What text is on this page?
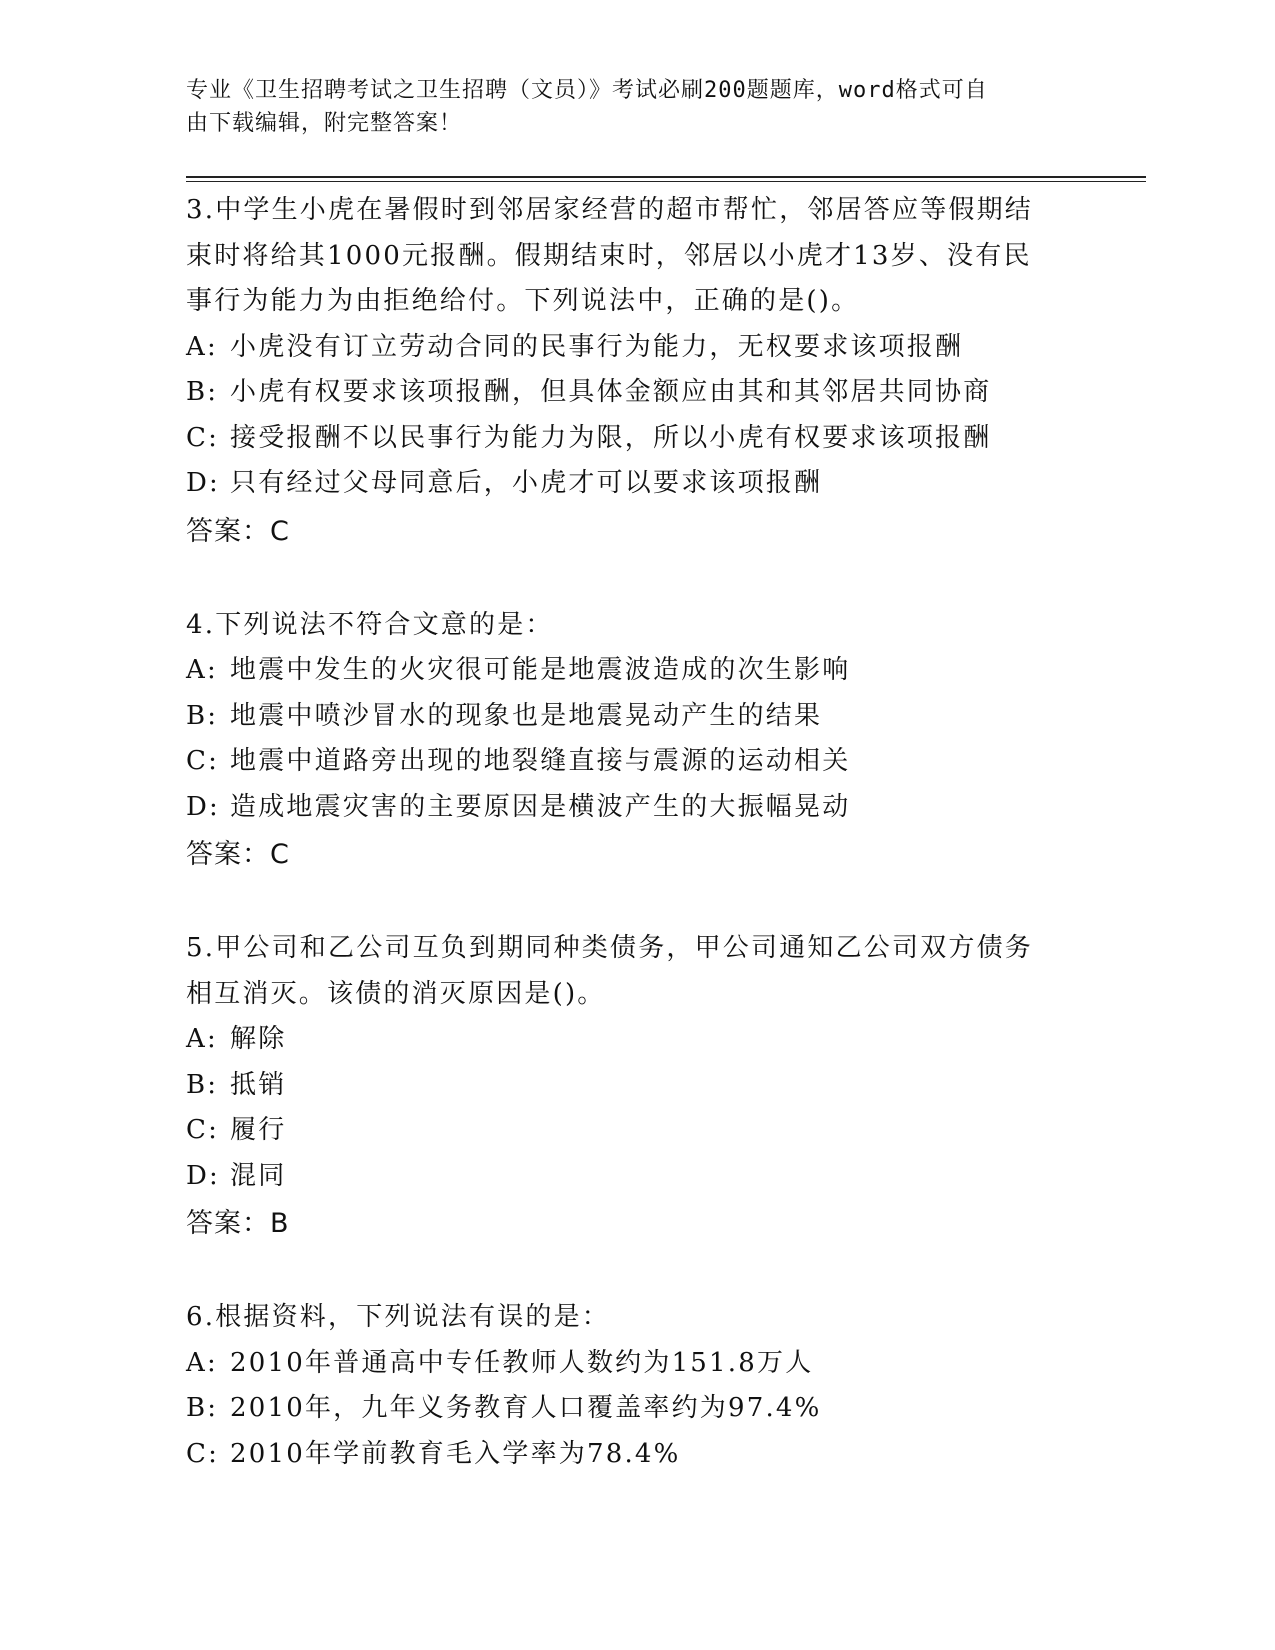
专业《卫生招聘考试之卫生招聘（文员）》考试必刷200题题库，word格式可自
由下载编辑，附完整答案！
3.中学生小虎在暑假时到邻居家经营的超市帮忙，邻居答应等假期结
束时将给其1000元报酬。假期结束时，邻居以小虎才13岁、没有民
事行为能力为由拒绝给付。下列说法中，正确的是()。
A: 小虎没有订立劳动合同的民事行为能力，无权要求该项报酬
B: 小虎有权要求该项报酬，但具体金额应由其和其邻居共同协商
C: 接受报酬不以民事行为能力为限，所以小虎有权要求该项报酬
D: 只有经过父母同意后，小虎才可以要求该项报酬
答案：C
4.下列说法不符合文意的是：
A: 地震中发生的火灾很可能是地震波造成的次生影响
B: 地震中喷沙冒水的现象也是地震晃动产生的结果
C: 地震中道路旁出现的地裂缝直接与震源的运动相关
D: 造成地震灾害的主要原因是横波产生的大振幅晃动
答案：C
5.甲公司和乙公司互负到期同种类债务，甲公司通知乙公司双方债务
相互消灭。该债的消灭原因是()。
A: 解除
B: 抵销
C: 履行
D: 混同
答案：B
6.根据资料，下列说法有误的是：
A: 2010年普通高中专任教师人数约为151.8万人
B: 2010年，九年义务教育人口覆盖率约为97.4%
C: 2010年学前教育毛入学率为78.4%
